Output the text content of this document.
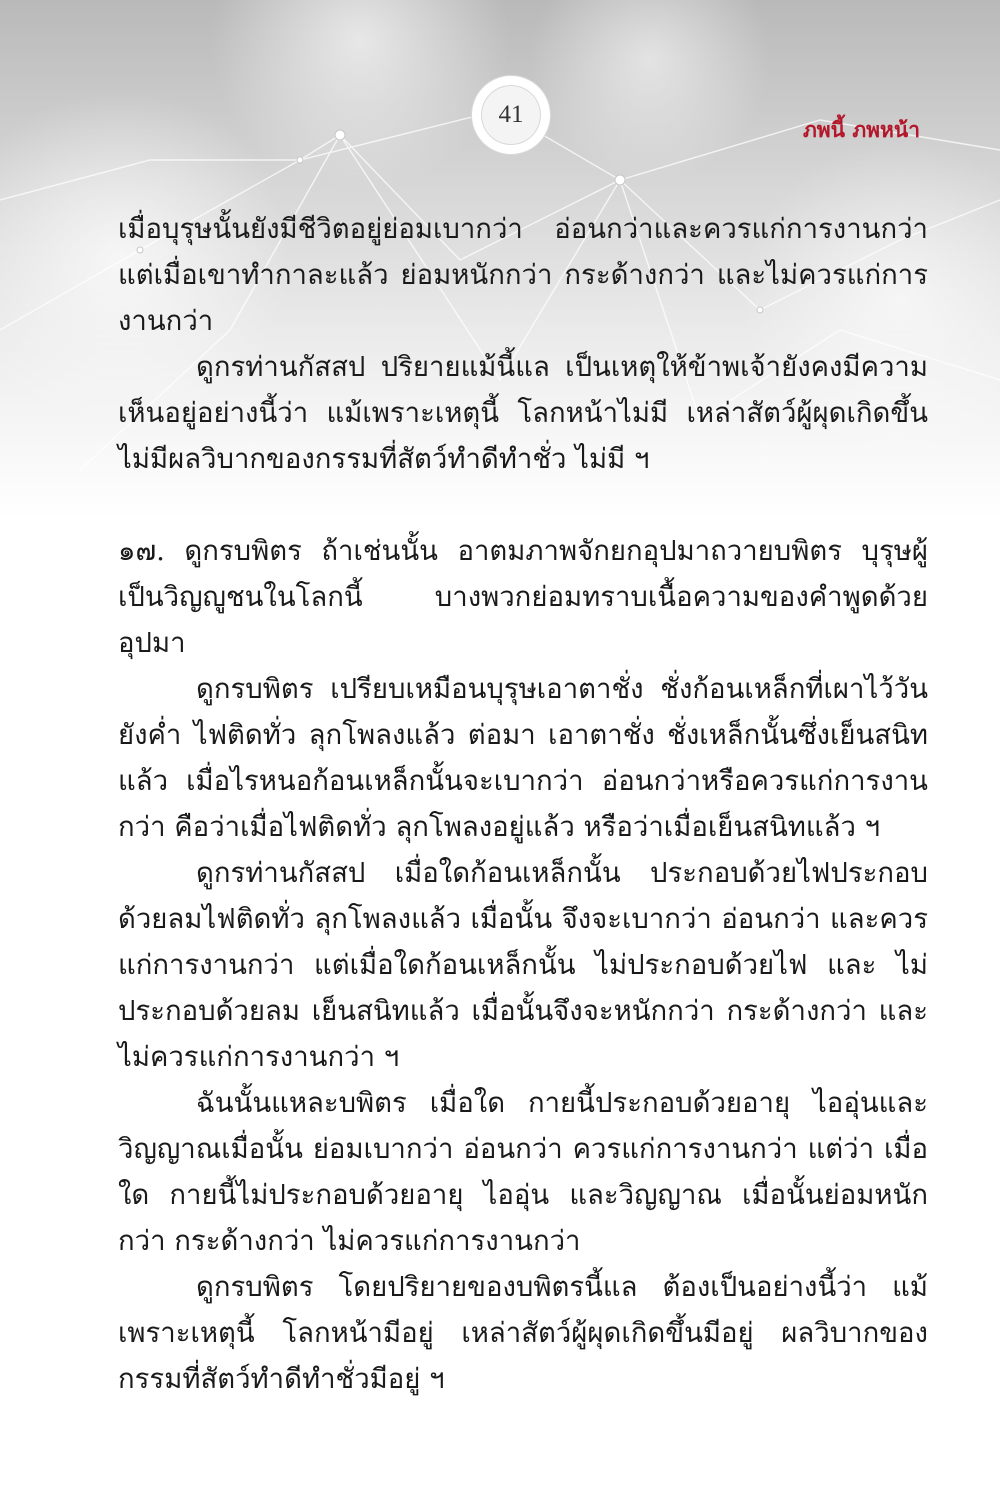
41
ภพนี้ ภพหน้า

เมื่อบุรุษนั้นยังมีชีวิตอยู่ย่อมเบากว่า อ่อนกว่าและควรแก่การงานกว่า แต่เมื่อเขาทำกาละแล้ว ย่อมหนักกว่า กระด้างกว่า และไม่ควรแก่การงานกว่า

ดูกรท่านกัสสป ปริยายแม้นี้แล เป็นเหตุให้ข้าพเจ้ายังคงมีความเห็นอยู่อย่างนี้ว่า แม้เพราะเหตุนี้ โลกหน้าไม่มี เหล่าสัตว์ผู้ผุดเกิดขึ้นไม่มีผลวิบากของกรรมที่สัตว์ทำดีทำชั่ว ไม่มี ฯ

๑๗. ดูกรบพิตร ถ้าเช่นนั้น อาตมภาพจักยกอุปมาถวายบพิตร บุรุษผู้เป็นวิญญูชนในโลกนี้ บางพวกย่อมทราบเนื้อความของคำพูดด้วยอุปมา

ดูกรบพิตร เปรียบเหมือนบุรุษเอาตาชั่ง ชั่งก้อนเหล็กที่เผาไว้วันยังค่ำ ไฟติดทั่ว ลุกโพลงแล้ว ต่อมา เอาตาชั่ง ชั่งเหล็กนั้นซึ่งเย็นสนิทแล้ว เมื่อไรหนอก้อนเหล็กนั้นจะเบากว่า อ่อนกว่าหรือควรแก่การงานกว่า คือว่าเมื่อไฟติดทั่ว ลุกโพลงอยู่แล้ว หรือว่าเมื่อเย็นสนิทแล้ว ฯ

ดูกรท่านกัสสป เมื่อใดก้อนเหล็กนั้น ประกอบด้วยไฟประกอบด้วยลมไฟติดทั่ว ลุกโพลงแล้ว เมื่อนั้น จึงจะเบากว่า อ่อนกว่า และควรแก่การงานกว่า แต่เมื่อใดก้อนเหล็กนั้น ไม่ประกอบด้วยไฟ และ ไม่ประกอบด้วยลม เย็นสนิทแล้ว เมื่อนั้นจึงจะหนักกว่า กระด้างกว่า และ ไม่ควรแก่การงานกว่า ฯ

ฉันนั้นแหละบพิตร เมื่อใด กายนี้ประกอบด้วยอายุ ไออุ่นและวิญญาณเมื่อนั้น ย่อมเบากว่า อ่อนกว่า ควรแก่การงานกว่า แต่ว่า เมื่อใด กายนี้ไม่ประกอบด้วยอายุ ไออุ่น และวิญญาณ เมื่อนั้นย่อมหนักกว่า กระด้างกว่า ไม่ควรแก่การงานกว่า

ดูกรบพิตร โดยปริยายของบพิตรนี้แล ต้องเป็นอย่างนี้ว่า แม้เพราะเหตุนี้ โลกหน้ามีอยู่ เหล่าสัตว์ผู้ผุดเกิดขึ้นมีอยู่ ผลวิบากของกรรมที่สัตว์ทำดีทำชั่วมีอยู่ ฯ
